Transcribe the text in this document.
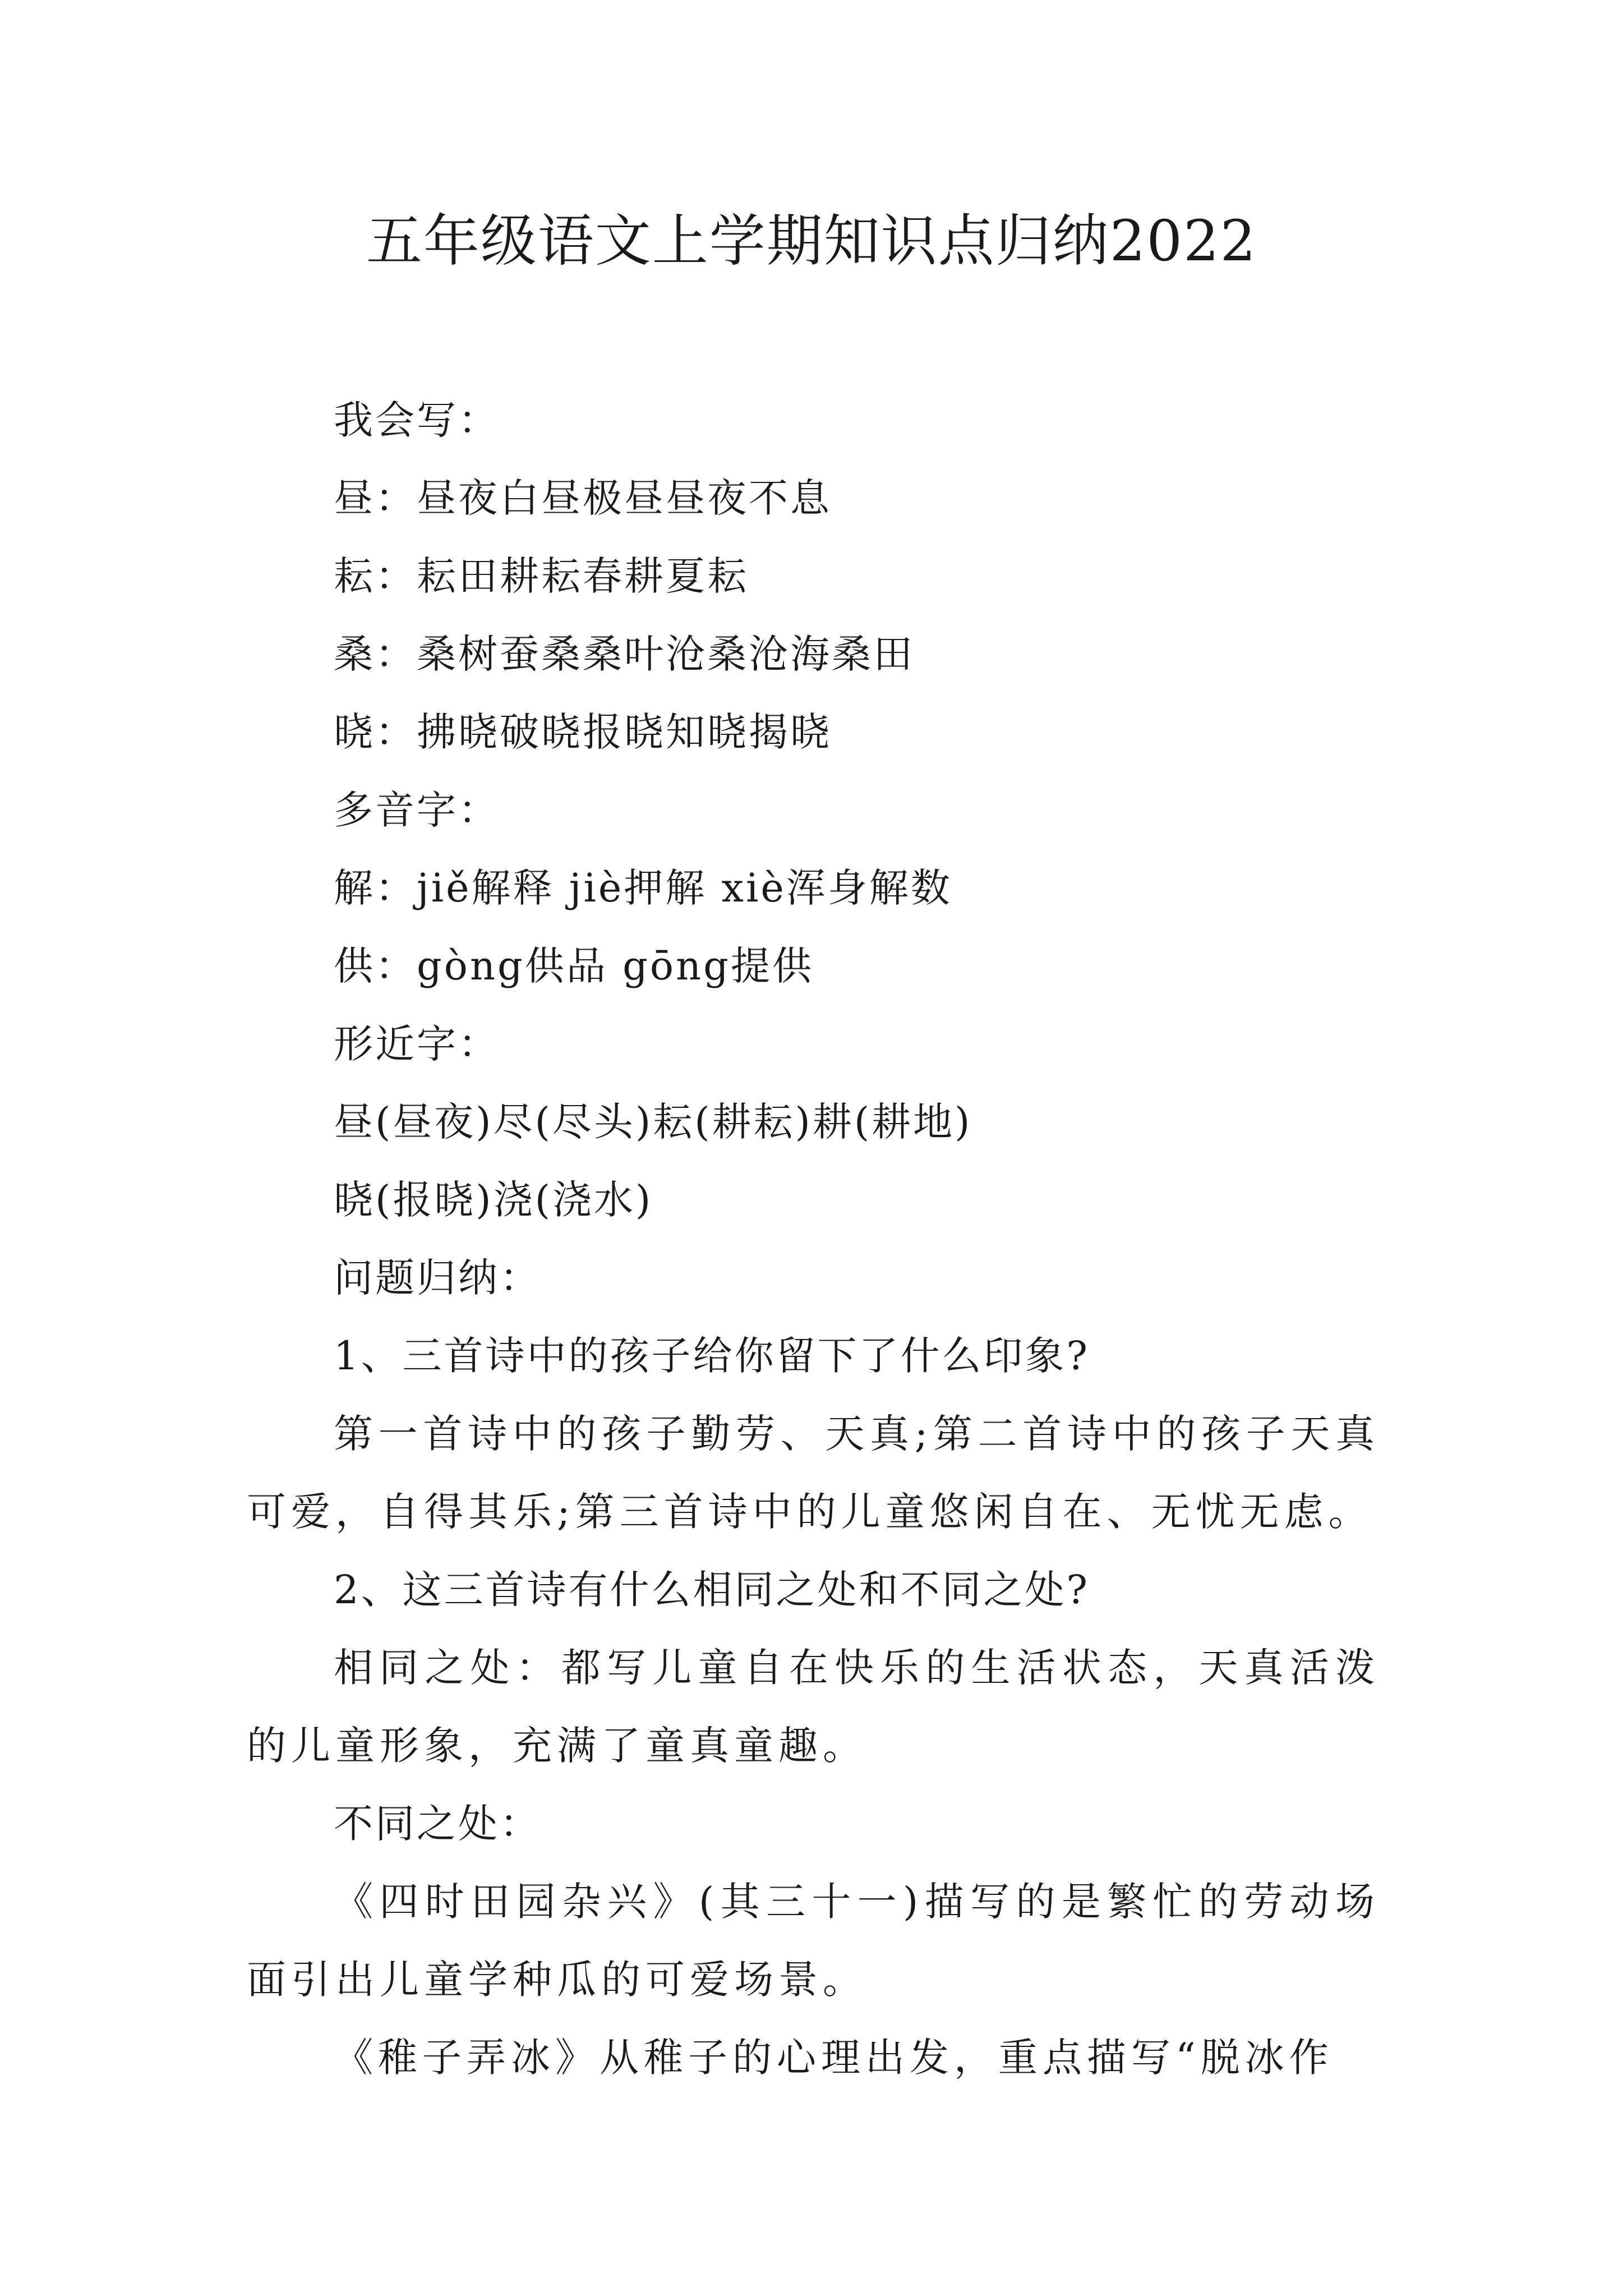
五年级语文上学期知识点归纳2022
我会写：
昼：昼夜白昼极昼昼夜不息
耘：耘田耕耘春耕夏耘
桑：桑树蚕桑桑叶沧桑沧海桑田
晓：拂晓破晓报晓知晓揭晓
多音字：
解：jiě解释 jiè押解 xiè浑身解数
供：gòng供品 gōng提供
形近字：
昼(昼夜)尽(尽头)耘(耕耘)耕(耕地)
晓(报晓)浇(浇水)
问题归纳：
1、三首诗中的孩子给你留下了什么印象?
第一首诗中的孩子勤劳、天真;第二首诗中的孩子天真可爱，自得其乐;第三首诗中的儿童悠闲自在、无忧无虑。
2、这三首诗有什么相同之处和不同之处?
相同之处：都写儿童自在快乐的生活状态，天真活泼的儿童形象，充满了童真童趣。
不同之处：
《四时田园杂兴》(其三十一)描写的是繁忙的劳动场面引出儿童学种瓜的可爱场景。
《稚子弄冰》从稚子的心理出发，重点描写“脱冰作
